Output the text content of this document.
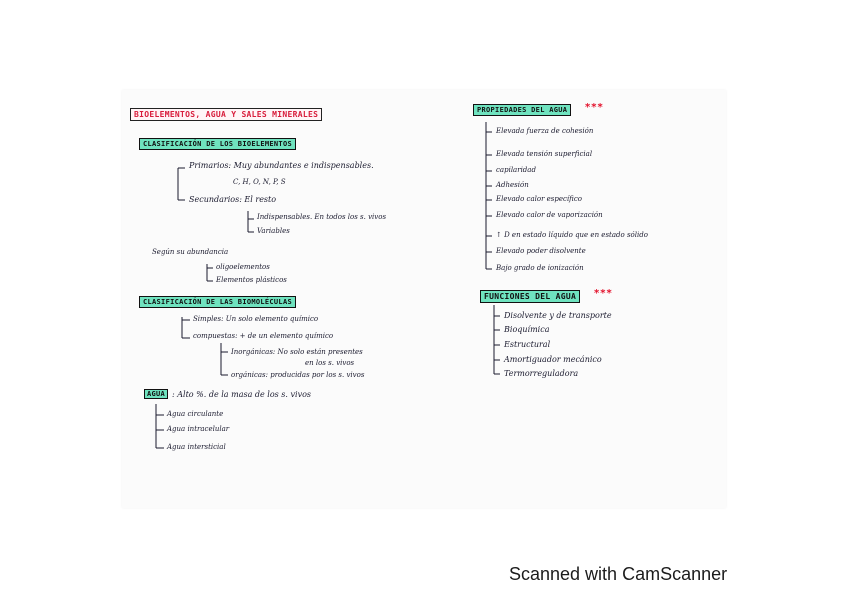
BIOELEMENTOS, AGUA Y SALES MINERALES
CLASIFICACIÓN DE LOS BIOELEMENTOS
Primarios: Muy abundantes e indispensables.
C, H, O, N, P, S
Secundarios: El resto
Indispensables. En todos los s. vivos
Variables
Según su abundancia
oligoelementos
Elementos plásticos
CLASIFICACIÓN DE LAS BIOMOLÉCULAS
Simples: Un solo elemento químico
compuestas: + de un elemento químico
Inorgánicas: No solo están presentes
en los s. vivos
orgánicas: producidas por los s. vivos
AGUA : Alto %. de la masa de los s. vivos
Agua circulante
Agua intracelular
Agua intersticial
PROPIEDADES DEL AGUA	***
Elevada fuerza de cohesión
Elevada tensión superficial
capilaridad
Adhesión
Elevado calor específico
Elevado calor de vaporización
↑ D en estado líquido que en estado sólido
Elevado poder disolvente
Bajo grado de ionización
FUNCIONES DEL AGUA	***
Disolvente y de transporte
Bioquímica
Estructural
Amortiguador mecánico
Termorreguladora
Scanned with CamScanner
